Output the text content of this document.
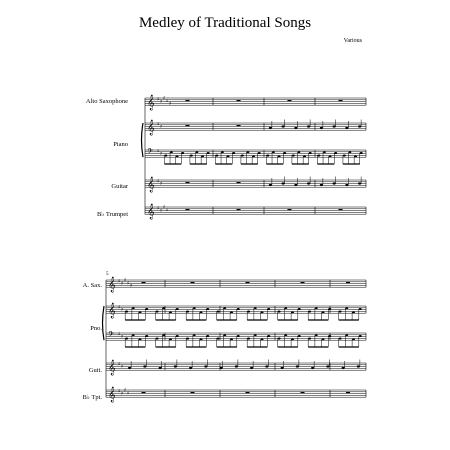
Medley of Traditional Songs
Various
Alto Saxophone
Piano
Guitar
B♭ Trumpet
A. Sax.
Pno.
Guit.
B♭ Tpt.
𝄞 ♯ ♯
♯ ♯ ♯
𝄞 ♯ ♯
𝄢 ♯ ♯
𝄞 ♯ ♯
𝄞 ♯ ♯
♯ ♯
𝄞 ♯ ♯
♯ ♯ ♯
𝄞 ♯ ♯
𝄢 ♯ ♯
𝄞 ♯ ♯
𝄞 ♯ ♯
♯ ♯
5
